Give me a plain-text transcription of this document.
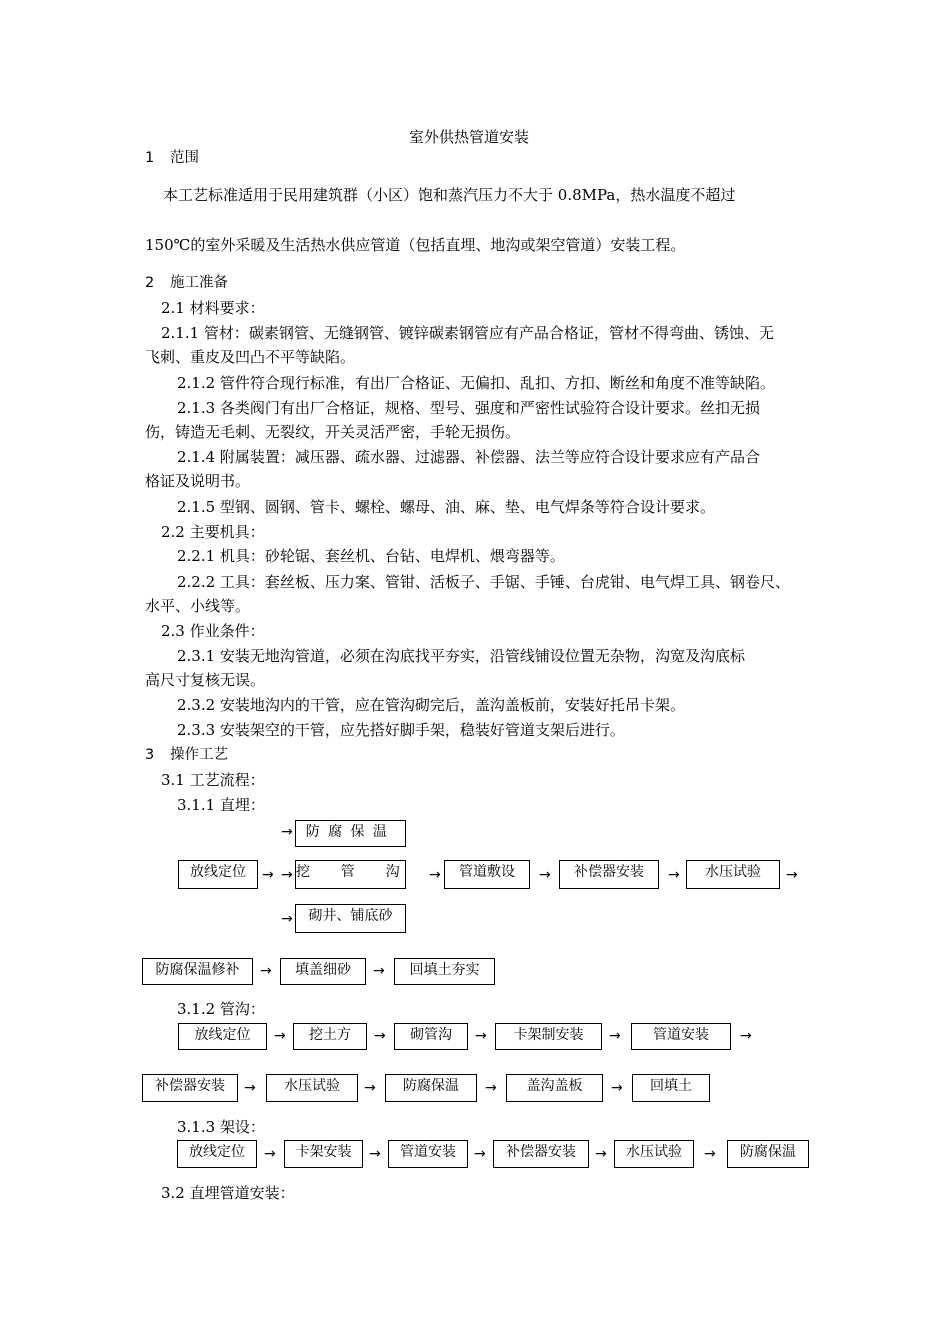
室外供热管道安装
1 范围
本工艺标准适用于民用建筑群（小区）饱和蒸汽压力不大于 0.8MPa，热水温度不超过
150℃的室外采暖及生活热水供应管道（包括直埋、地沟或架空管道）安装工程。
2 施工准备
2.1 材料要求：
2.1.1 管材：碳素钢管、无缝钢管、镀锌碳素钢管应有产品合格证，管材不得弯曲、锈蚀、无
飞刺、重皮及凹凸不平等缺陷。
2.1.2 管件符合现行标准，有出厂合格证、无偏扣、乱扣、方扣、断丝和角度不准等缺陷。
2.1.3 各类阀门有出厂合格证，规格、型号、强度和严密性试验符合设计要求。丝扣无损
伤，铸造无毛刺、无裂纹，开关灵活严密，手轮无损伤。
2.1.4 附属装置：减压器、疏水器、过滤器、补偿器、法兰等应符合设计要求应有产品合
格证及说明书。
2.1.5 型钢、圆钢、管卡、螺栓、螺母、油、麻、垫、电气焊条等符合设计要求。
2.2 主要机具：
2.2.1 机具：砂轮锯、套丝机、台钻、电焊机、煨弯器等。
2.2.2 工具：套丝板、压力案、管钳、活板子、手锯、手锤、台虎钳、电气焊工具、钢卷尺、
水平、小线等。
2.3 作业条件：
2.3.1 安装无地沟管道，必须在沟底找平夯实，沿管线铺设位置无杂物，沟宽及沟底标
高尺寸复核无误。
2.3.2 安装地沟内的干管，应在管沟砌完后，盖沟盖板前，安装好托吊卡架。
2.3.3 安装架空的干管，应先搭好脚手架，稳装好管道支架后进行。
3 操作工艺
3.1 工艺流程：
3.1.1 直埋：
→ 防腐保温
放线定位	→ → 挖管沟
→	管道敷设	→	补偿器安装	→	水压试验	→
→	砌井、铺底砂
防腐保温修补	→	填盖细砂	→	回填土夯实
3.1.2 管沟：
放线定位	→	挖土方	→	砌管沟	→	卡架制安装	→	管道安装	→
补偿器安装	→	水压试验	→	防腐保温	→	盖沟盖板	→	回填土
3.1.3 架设：
放线定位	→	卡架安装	→	管道安装	→	补偿器安装	→	水压试验	→	防腐保温
3.2 直埋管道安装：
